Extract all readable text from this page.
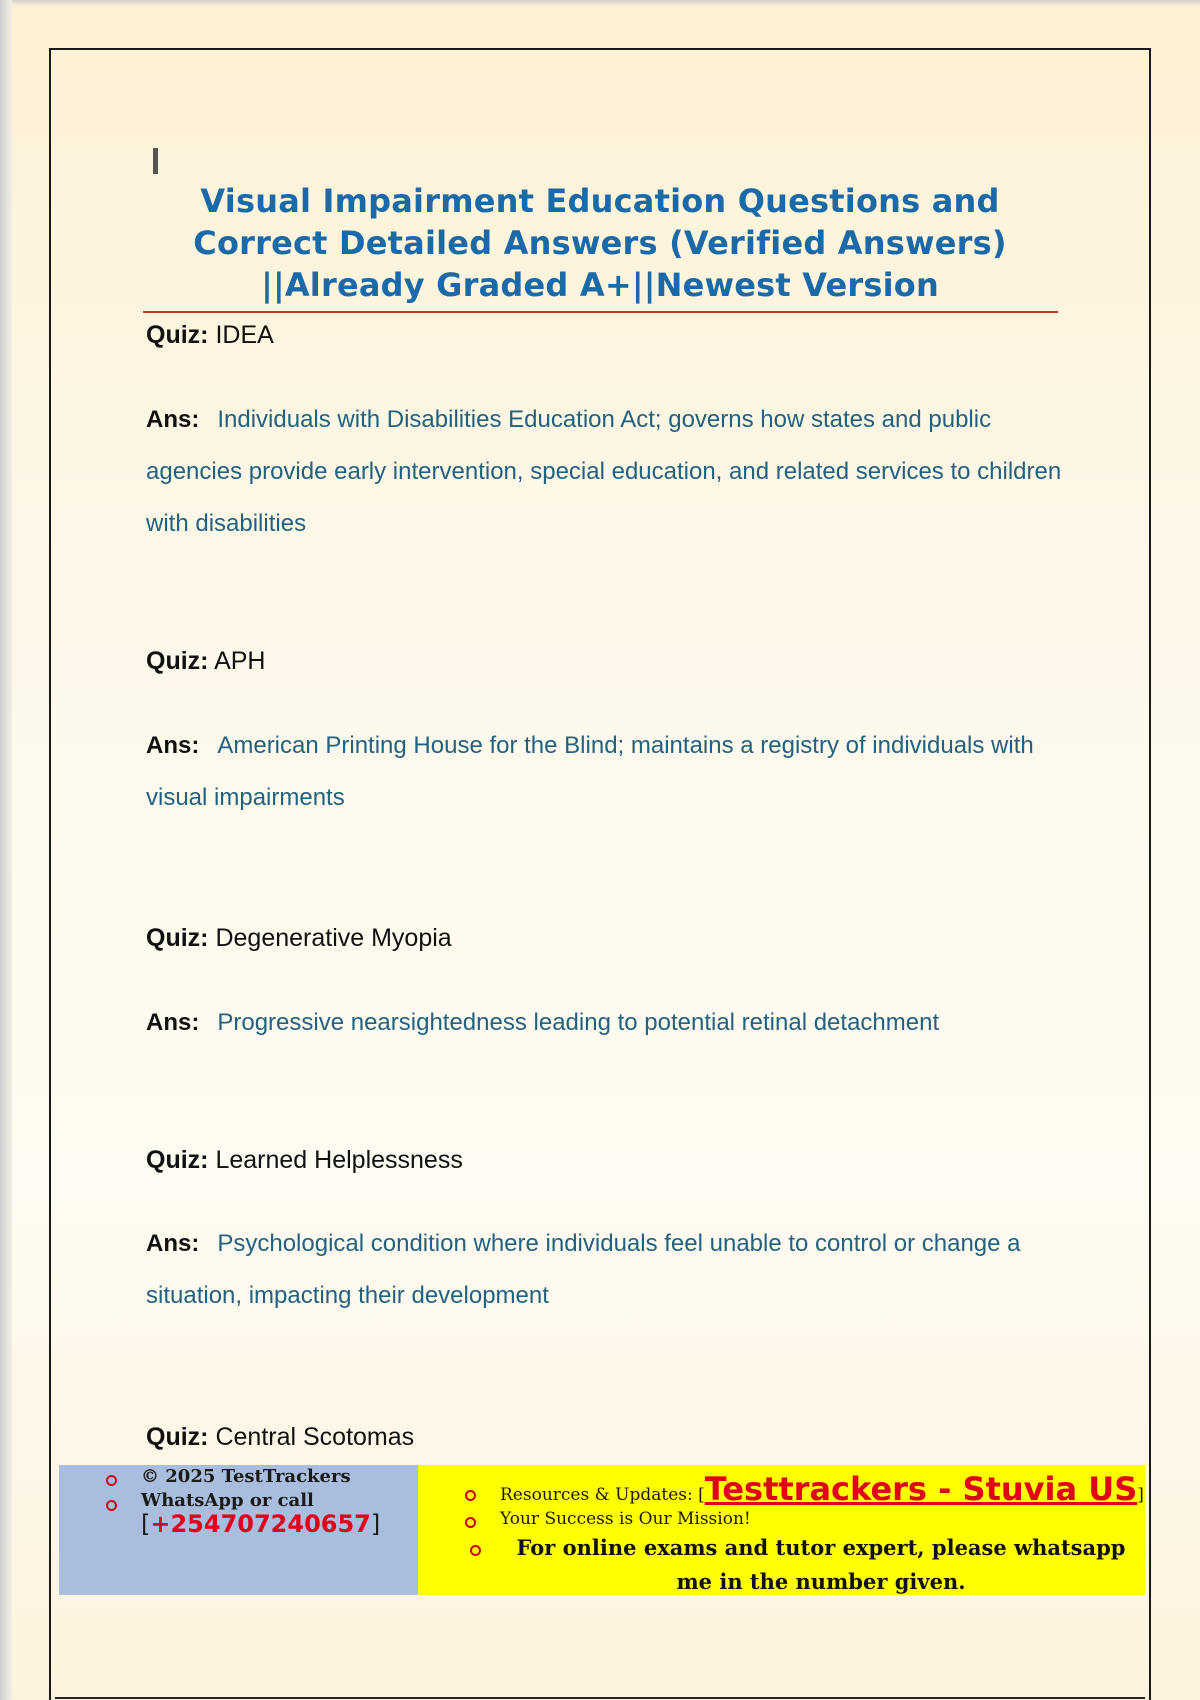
Visual Impairment Education Questions and Correct Detailed Answers (Verified Answers) ||Already Graded A+||Newest Version

Quiz: IDEA

Ans: Individuals with Disabilities Education Act; governs how states and public agencies provide early intervention, special education, and related services to children with disabilities

Quiz: APH

Ans: American Printing House for the Blind; maintains a registry of individuals with visual impairments

Quiz: Degenerative Myopia

Ans: Progressive nearsightedness leading to potential retinal detachment

Quiz: Learned Helplessness

Ans: Psychological condition where individuals feel unable to control or change a situation, impacting their development

Quiz: Central Scotomas

© 2025 TestTrackers
WhatsApp or call
[+254707240657]
Resources & Updates: [Testtrackers - Stuvia US]
Your Success is Our Mission!
For online exams and tutor expert, please whatsapp me in the number given.
